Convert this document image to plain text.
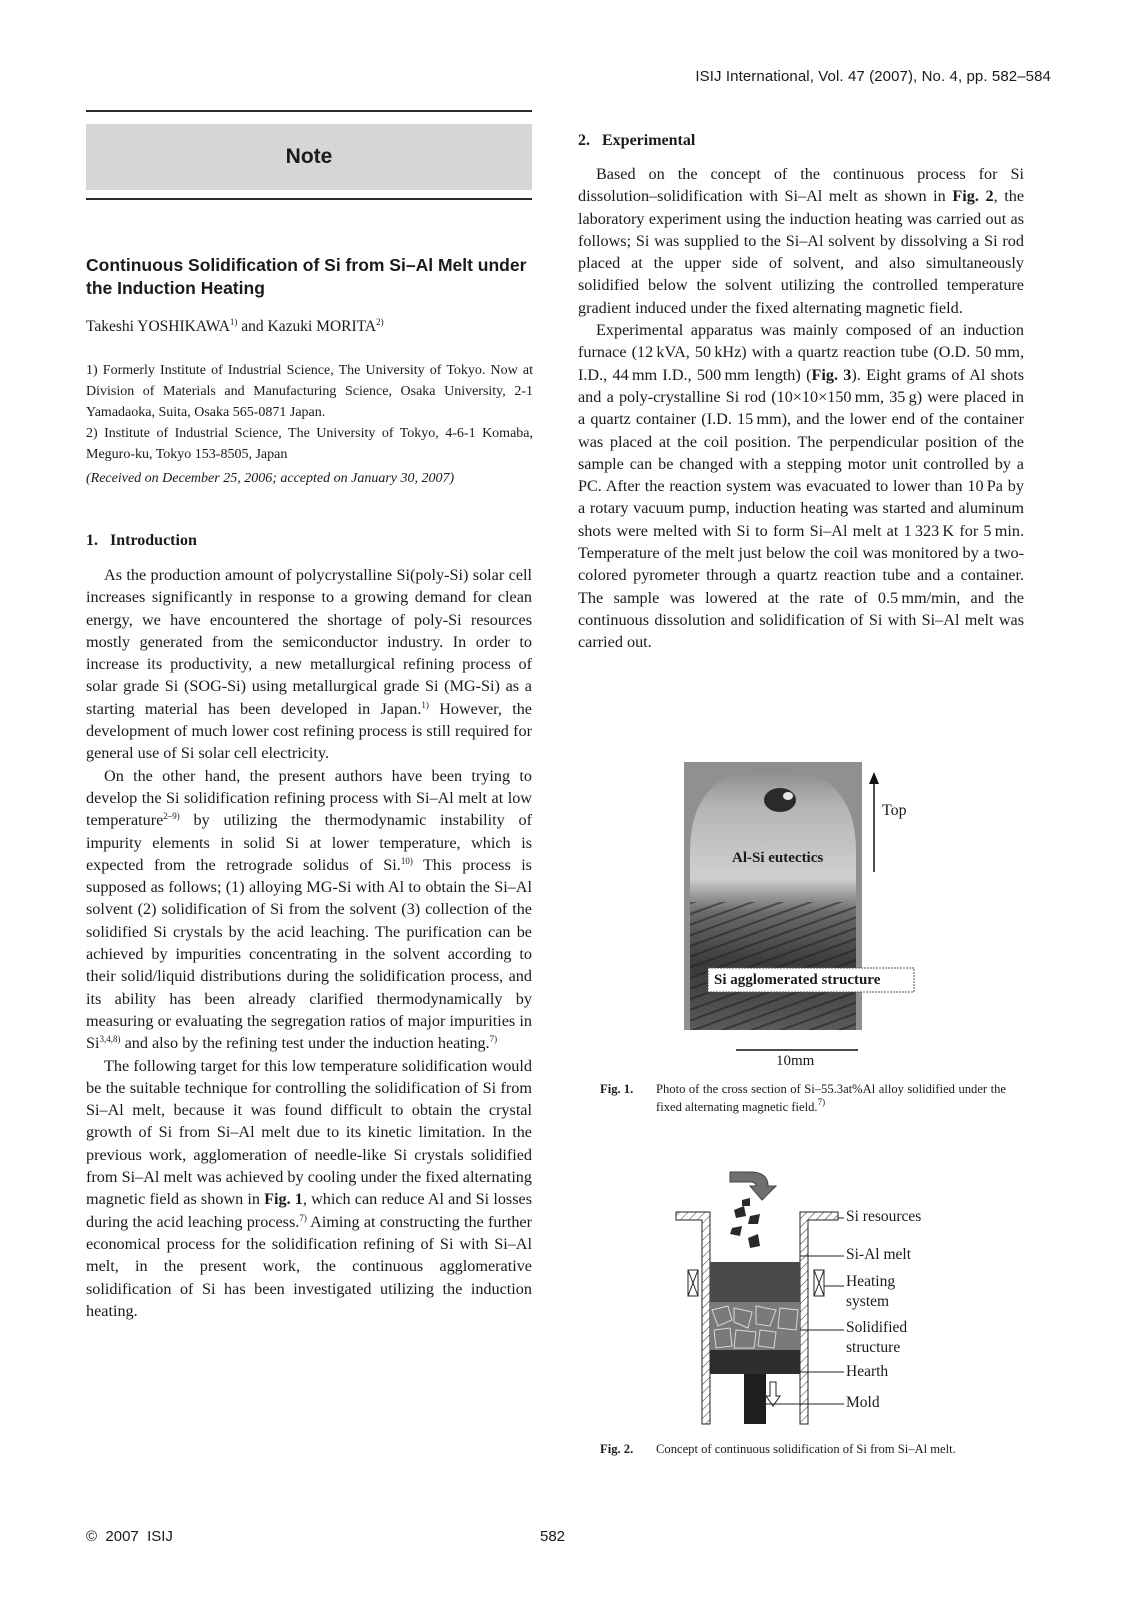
ISIJ International, Vol. 47 (2007), No. 4, pp. 582–584
Note
Continuous Solidification of Si from Si–Al Melt under the Induction Heating
Takeshi YOSHIKAWA$^{1)}$ and Kazuki MORITA$^{2)}$
1) Formerly Institute of Industrial Science, The University of Tokyo. Now at Division of Materials and Manufacturing Science, Osaka University, 2-1 Yamadaoka, Suita, Osaka 565-0871 Japan.
2) Institute of Industrial Science, The University of Tokyo, 4-6-1 Komaba, Meguro-ku, Tokyo 153-8505, Japan
(Received on December 25, 2006; accepted on January 30, 2007)
1.   Introduction

As the production amount of polycrystalline Si(poly-Si) solar cell increases significantly in response to a growing demand for clean energy, we have encountered the shortage of poly-Si resources mostly generated from the semiconductor industry. In order to increase its productivity, a new metallurgical refining process of solar grade Si (SOG-Si) using metallurgical grade Si (MG-Si) as a starting material has been developed in Japan.$^{1)}$ However, the development of much lower cost refining process is still required for general use of Si solar cell electricity.

On the other hand, the present authors have been trying to develop the Si solidification refining process with Si–Al melt at low temperature$^{2-9)}$ by utilizing the thermodynamic instability of impurity elements in solid Si at lower temperature, which is expected from the retrograde solidus of Si.$^{10)}$ This process is supposed as follows; (1) alloying MG-Si with Al to obtain the Si–Al solvent (2) solidification of Si from the solvent (3) collection of the solidified Si crystals by the acid leaching. The purification can be achieved by impurities concentrating in the solvent according to their solid/liquid distributions during the solidification process, and its ability has been already clarified thermodynamically by measuring or evaluating the segregation ratios of major impurities in Si$^{3,4,8)}$ and also by the refining test under the induction heating.$^{7)}$

The following target for this low temperature solidification would be the suitable technique for controlling the solidification of Si from Si–Al melt, because it was found difficult to obtain the crystal growth of Si from Si–Al melt due to its kinetic limitation. In the previous work, agglomeration of needle-like Si crystals solidified from Si–Al melt was achieved by cooling under the fixed alternating magnetic field as shown in Fig. 1, which can reduce Al and Si losses during the acid leaching process.$^{7)}$ Aiming at constructing the further economical process for the solidification refining of Si with Si–Al melt, in the present work, the continuous agglomerative solidification of Si has been investigated utilizing the induction heating.

2.   Experimental

Based on the concept of the continuous process for Si dissolution–solidification with Si–Al melt as shown in Fig. 2, the laboratory experiment using the induction heating was carried out as follows; Si was supplied to the Si–Al solvent by dissolving a Si rod placed at the upper side of solvent, and also simultaneously solidified below the solvent utilizing the controlled temperature gradient induced under the fixed alternating magnetic field.

Experimental apparatus was mainly composed of an induction furnace (12 kVA, 50 kHz) with a quartz reaction tube (O.D. 50 mm, I.D., 44 mm I.D., 500 mm length) (Fig. 3). Eight grams of Al shots and a poly-crystalline Si rod (10×10×150 mm, 35 g) were placed in a quartz container (I.D. 15 mm), and the lower end of the container was placed at the coil position. The perpendicular position of the sample can be changed with a stepping motor unit controlled by a PC. After the reaction system was evacuated to lower than 10 Pa by a rotary vacuum pump, induction heating was started and aluminum shots were melted with Si to form Si–Al melt at 1 323 K for 5 min. Temperature of the melt just below the coil was monitored by a two-colored pyrometer through a quartz reaction tube and a container. The sample was lowered at the rate of 0.5 mm/min, and the continuous dissolution and solidification of Si with Si–Al melt was carried out.

Top
Al-Si eutectics
Si agglomerated structure
10mm
Fig. 1. Photo of the cross section of Si–55.3at%Al alloy solidified under the fixed alternating magnetic field.$^{7)}$
Si resources
Si-Al melt
Heating system
Solidified structure
Hearth
Mold
Fig. 2. Concept of continuous solidification of Si from Si–Al melt.
©  2007  ISIJ	582
